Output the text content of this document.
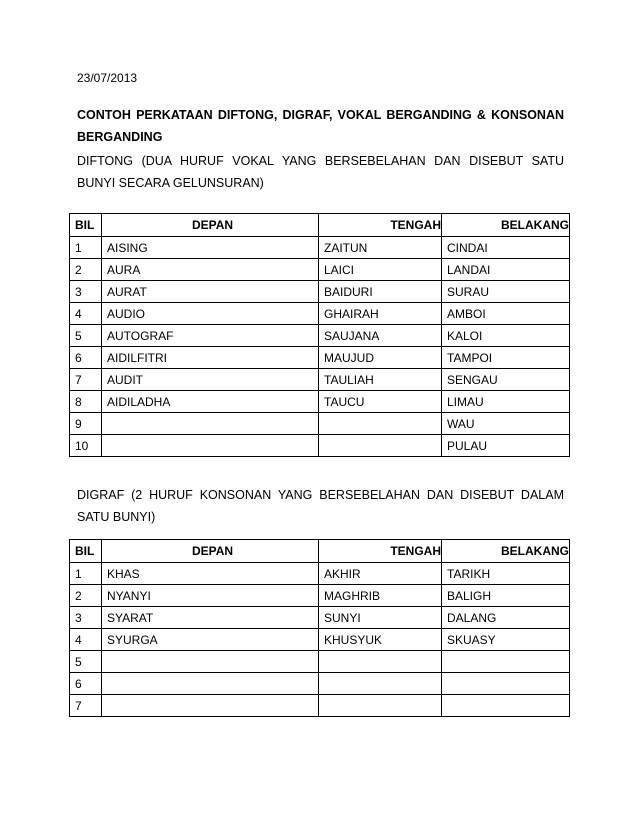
23/07/2013
CONTOH PERKATAAN DIFTONG, DIGRAF, VOKAL BERGANDING & KONSONAN BERGANDING
DIFTONG (DUA HURUF VOKAL YANG BERSEBELAHAN DAN DISEBUT SATU BUNYI SECARA GELUNSURAN)
BIL	DEPAN	TENGAH	BELAKANG
1	AISING	ZAITUN	CINDAI
2	AURA	LAICI	LANDAI
3	AURAT	BAIDURI	SURAU
4	AUDIO	GHAIRAH	AMBOI
5	AUTOGRAF	SAUJANA	KALOI
6	AIDILFITRI	MAUJUD	TAMPOI
7	AUDIT	TAULIAH	SENGAU
8	AIDILADHA	TAUCU	LIMAU
9			WAU
10			PULAU
DIGRAF (2 HURUF KONSONAN YANG BERSEBELAHAN DAN DISEBUT DALAM SATU BUNYI)
BIL	DEPAN	TENGAH	BELAKANG
1	KHAS	AKHIR	TARIKH
2	NYANYI	MAGHRIB	BALIGH
3	SYARAT	SUNYI	DALANG
4	SYURGA	KHUSYUK	SKUASY
5			
6			
7			
